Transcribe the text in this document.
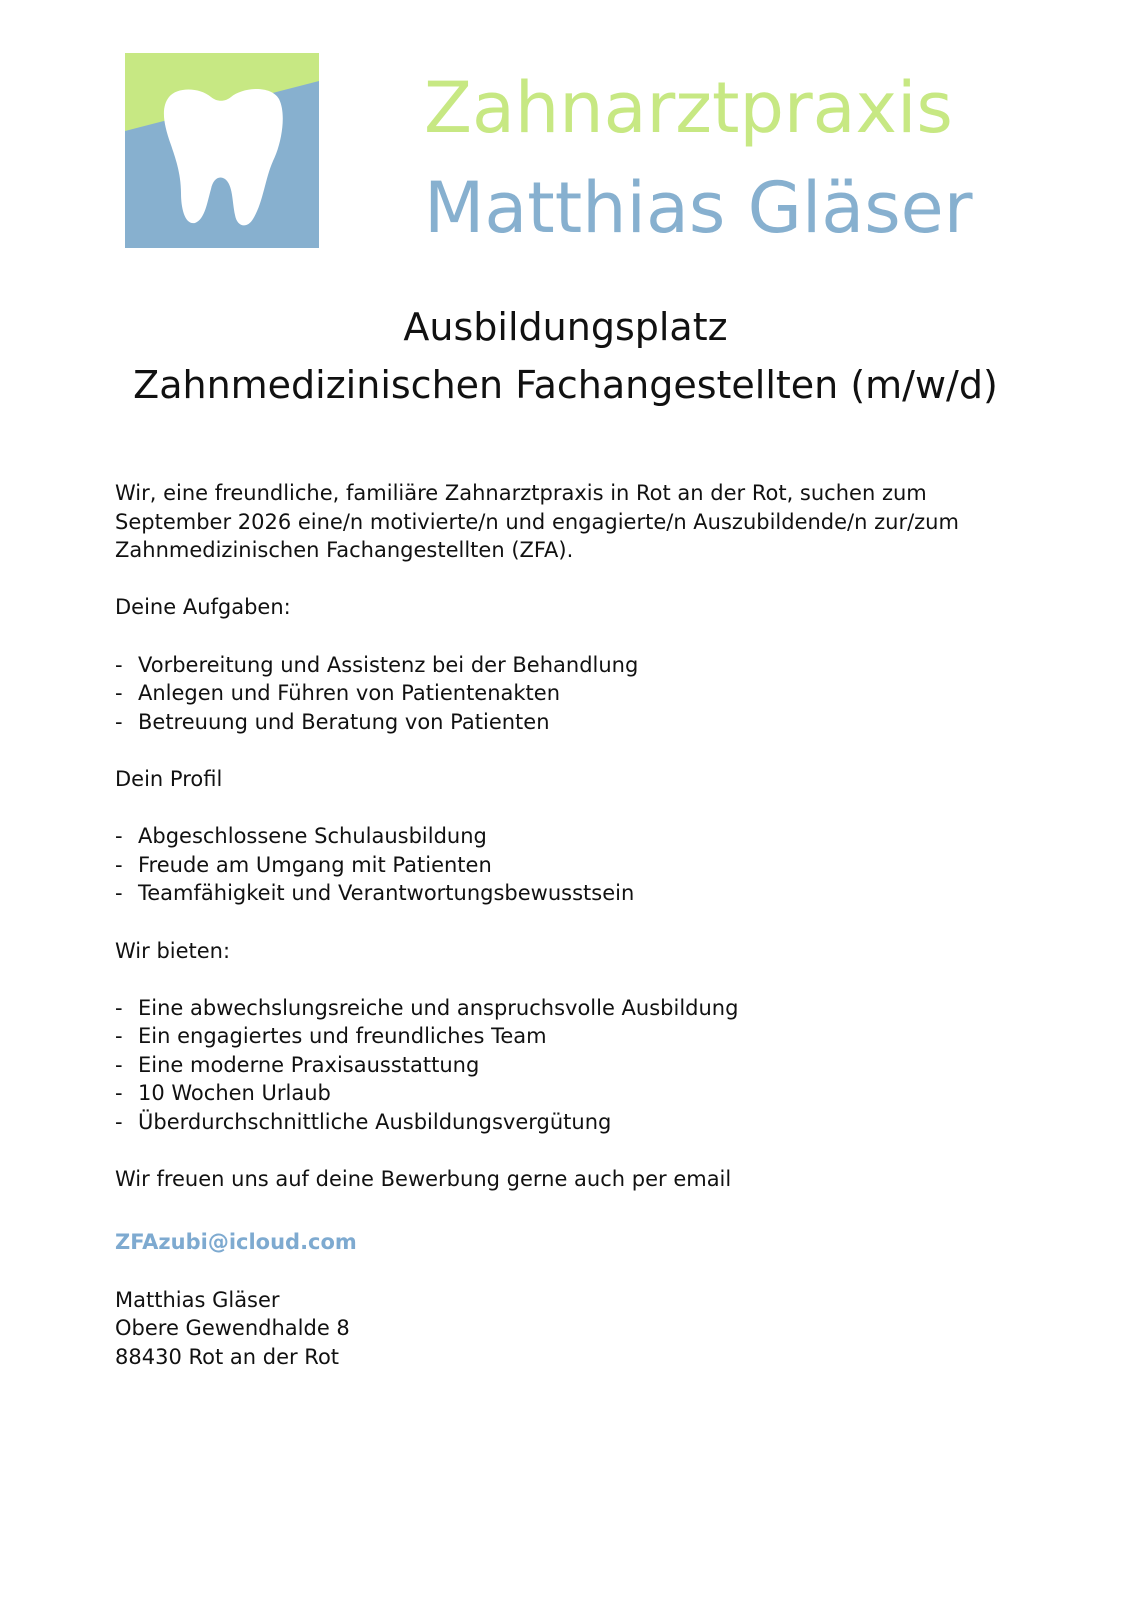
Zahnarztpraxis
Matthias Gläser
Ausbildungsplatz
Zahnmedizinischen Fachangestellten (m/w/d)
Wir, eine freundliche, familiäre Zahnarztpraxis in Rot an der Rot, suchen zum
September 2026 eine/n motivierte/n und engagierte/n Auszubildende/n zur/zum
Zahnmedizinischen Fachangestellten (ZFA).
Deine Aufgaben:
- Vorbereitung und Assistenz bei der Behandlung
- Anlegen und Führen von Patientenakten
- Betreuung und Beratung von Patienten
Dein Profil
- Abgeschlossene Schulausbildung
- Freude am Umgang mit Patienten
- Teamfähigkeit und Verantwortungsbewusstsein
Wir bieten:
- Eine abwechslungsreiche und anspruchsvolle Ausbildung
- Ein engagiertes und freundliches Team
- Eine moderne Praxisausstattung
- 10 Wochen Urlaub
- Überdurchschnittliche Ausbildungsvergütung
Wir freuen uns auf deine Bewerbung gerne auch per email
ZFAzubi@icloud.com
Matthias Gläser
Obere Gewendhalde 8
88430 Rot an der Rot
